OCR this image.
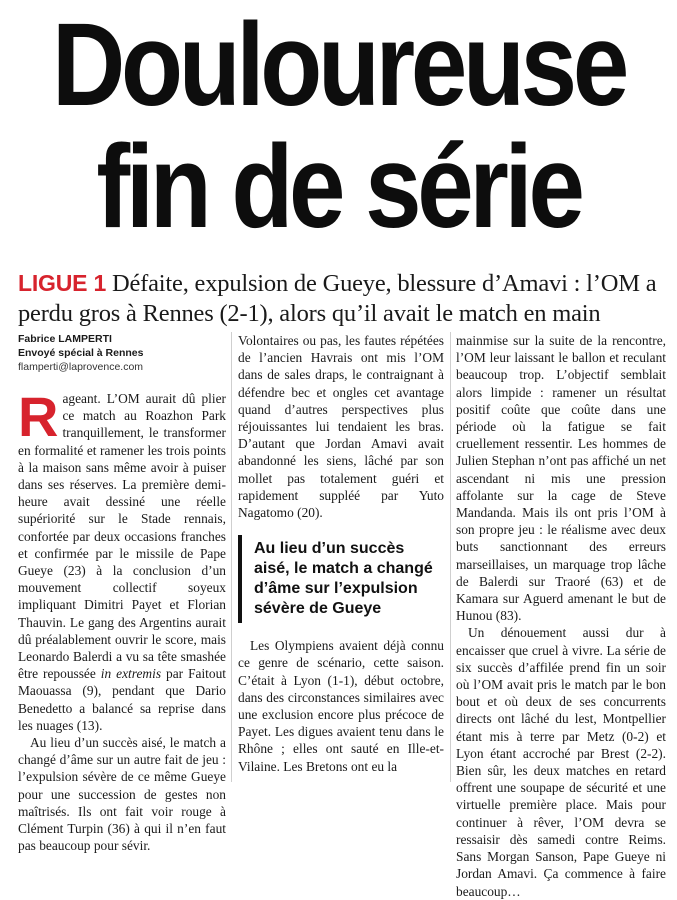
Douloureuse
fin de série
LIGUE 1 Défaite, expulsion de Gueye, blessure d’Amavi : l’OM a perdu gros à Rennes (2-1), alors qu’il avait le match en main
Fabrice LAMPERTI
Envoyé spécial à Rennes
flamperti@laprovence.com

Rageant. L’OM aurait dû plier ce match au Roazhon Park tranquillement, le transformer en formalité et ramener les trois points à la maison sans même avoir à puiser dans ses réserves. La première demi-heure avait dessiné une réelle supériorité sur le Stade rennais, confortée par deux occasions franches et confirmée par le missile de Pape Gueye (23) à la conclusion d’un mouvement collectif soyeux impliquant Dimitri Payet et Florian Thauvin. Le gang des Argentins aurait dû préalablement ouvrir le score, mais Leonardo Balerdi a vu sa tête smashée être repoussée in extremis par Faitout Maouassa (9), pendant que Dario Benedetto a balancé sa reprise dans les nuages (13).

Au lieu d’un succès aisé, le match a changé d’âme sur un autre fait de jeu : l’expulsion sévère de ce même Gueye pour une succession de gestes non maîtrisés. Ils ont fait voir rouge à Clément Turpin (36) à qui il n’en faut pas beaucoup pour sévir.

Volontaires ou pas, les fautes répétées de l’ancien Havrais ont mis l’OM dans de sales draps, le contraignant à défendre bec et ongles cet avantage quand d’autres perspectives plus réjouissantes lui tendaient les bras. D’autant que Jordan Amavi avait abandonné les siens, lâché par son mollet pas totalement guéri et rapidement suppléé par Yuto Nagatomo (20).

Au lieu d’un succès aisé, le match a changé d’âme sur l’expulsion sévère de Gueye

Les Olympiens avaient déjà connu ce genre de scénario, cette saison. C’était à Lyon (1-1), début octobre, dans des circonstances similaires avec une exclusion encore plus précoce de Payet. Les digues avaient tenu dans le Rhône ; elles ont sauté en Ille-et-Vilaine. Les Bretons ont eu la

mainmise sur la suite de la rencontre, l’OM leur laissant le ballon et reculant beaucoup trop. L’objectif semblait alors limpide : ramener un résultat positif coûte que coûte dans une période où la fatigue se fait cruellement ressentir. Les hommes de Julien Stephan n’ont pas affiché un net ascendant ni mis une pression affolante sur la cage de Steve Mandanda. Mais ils ont pris l’OM à son propre jeu : le réalisme avec deux buts sanctionnant des erreurs marseillaises, un marquage trop lâche de Balerdi sur Traoré (63) et de Kamara sur Aguerd amenant le but de Hunou (83).

Un dénouement aussi dur à encaisser que cruel à vivre. La série de six succès d’affilée prend fin un soir où l’OM avait pris le match par le bon bout et où deux de ses concurrents directs ont lâché du lest, Montpellier étant mis à terre par Metz (0-2) et Lyon étant accroché par Brest (2-2). Bien sûr, les deux matches en retard offrent une soupape de sécurité et une virtuelle première place. Mais pour continuer à rêver, l’OM devra se ressaisir dès samedi contre Reims. Sans Morgan Sanson, Pape Gueye ni Jordan Amavi. Ça commence à faire beaucoup…
